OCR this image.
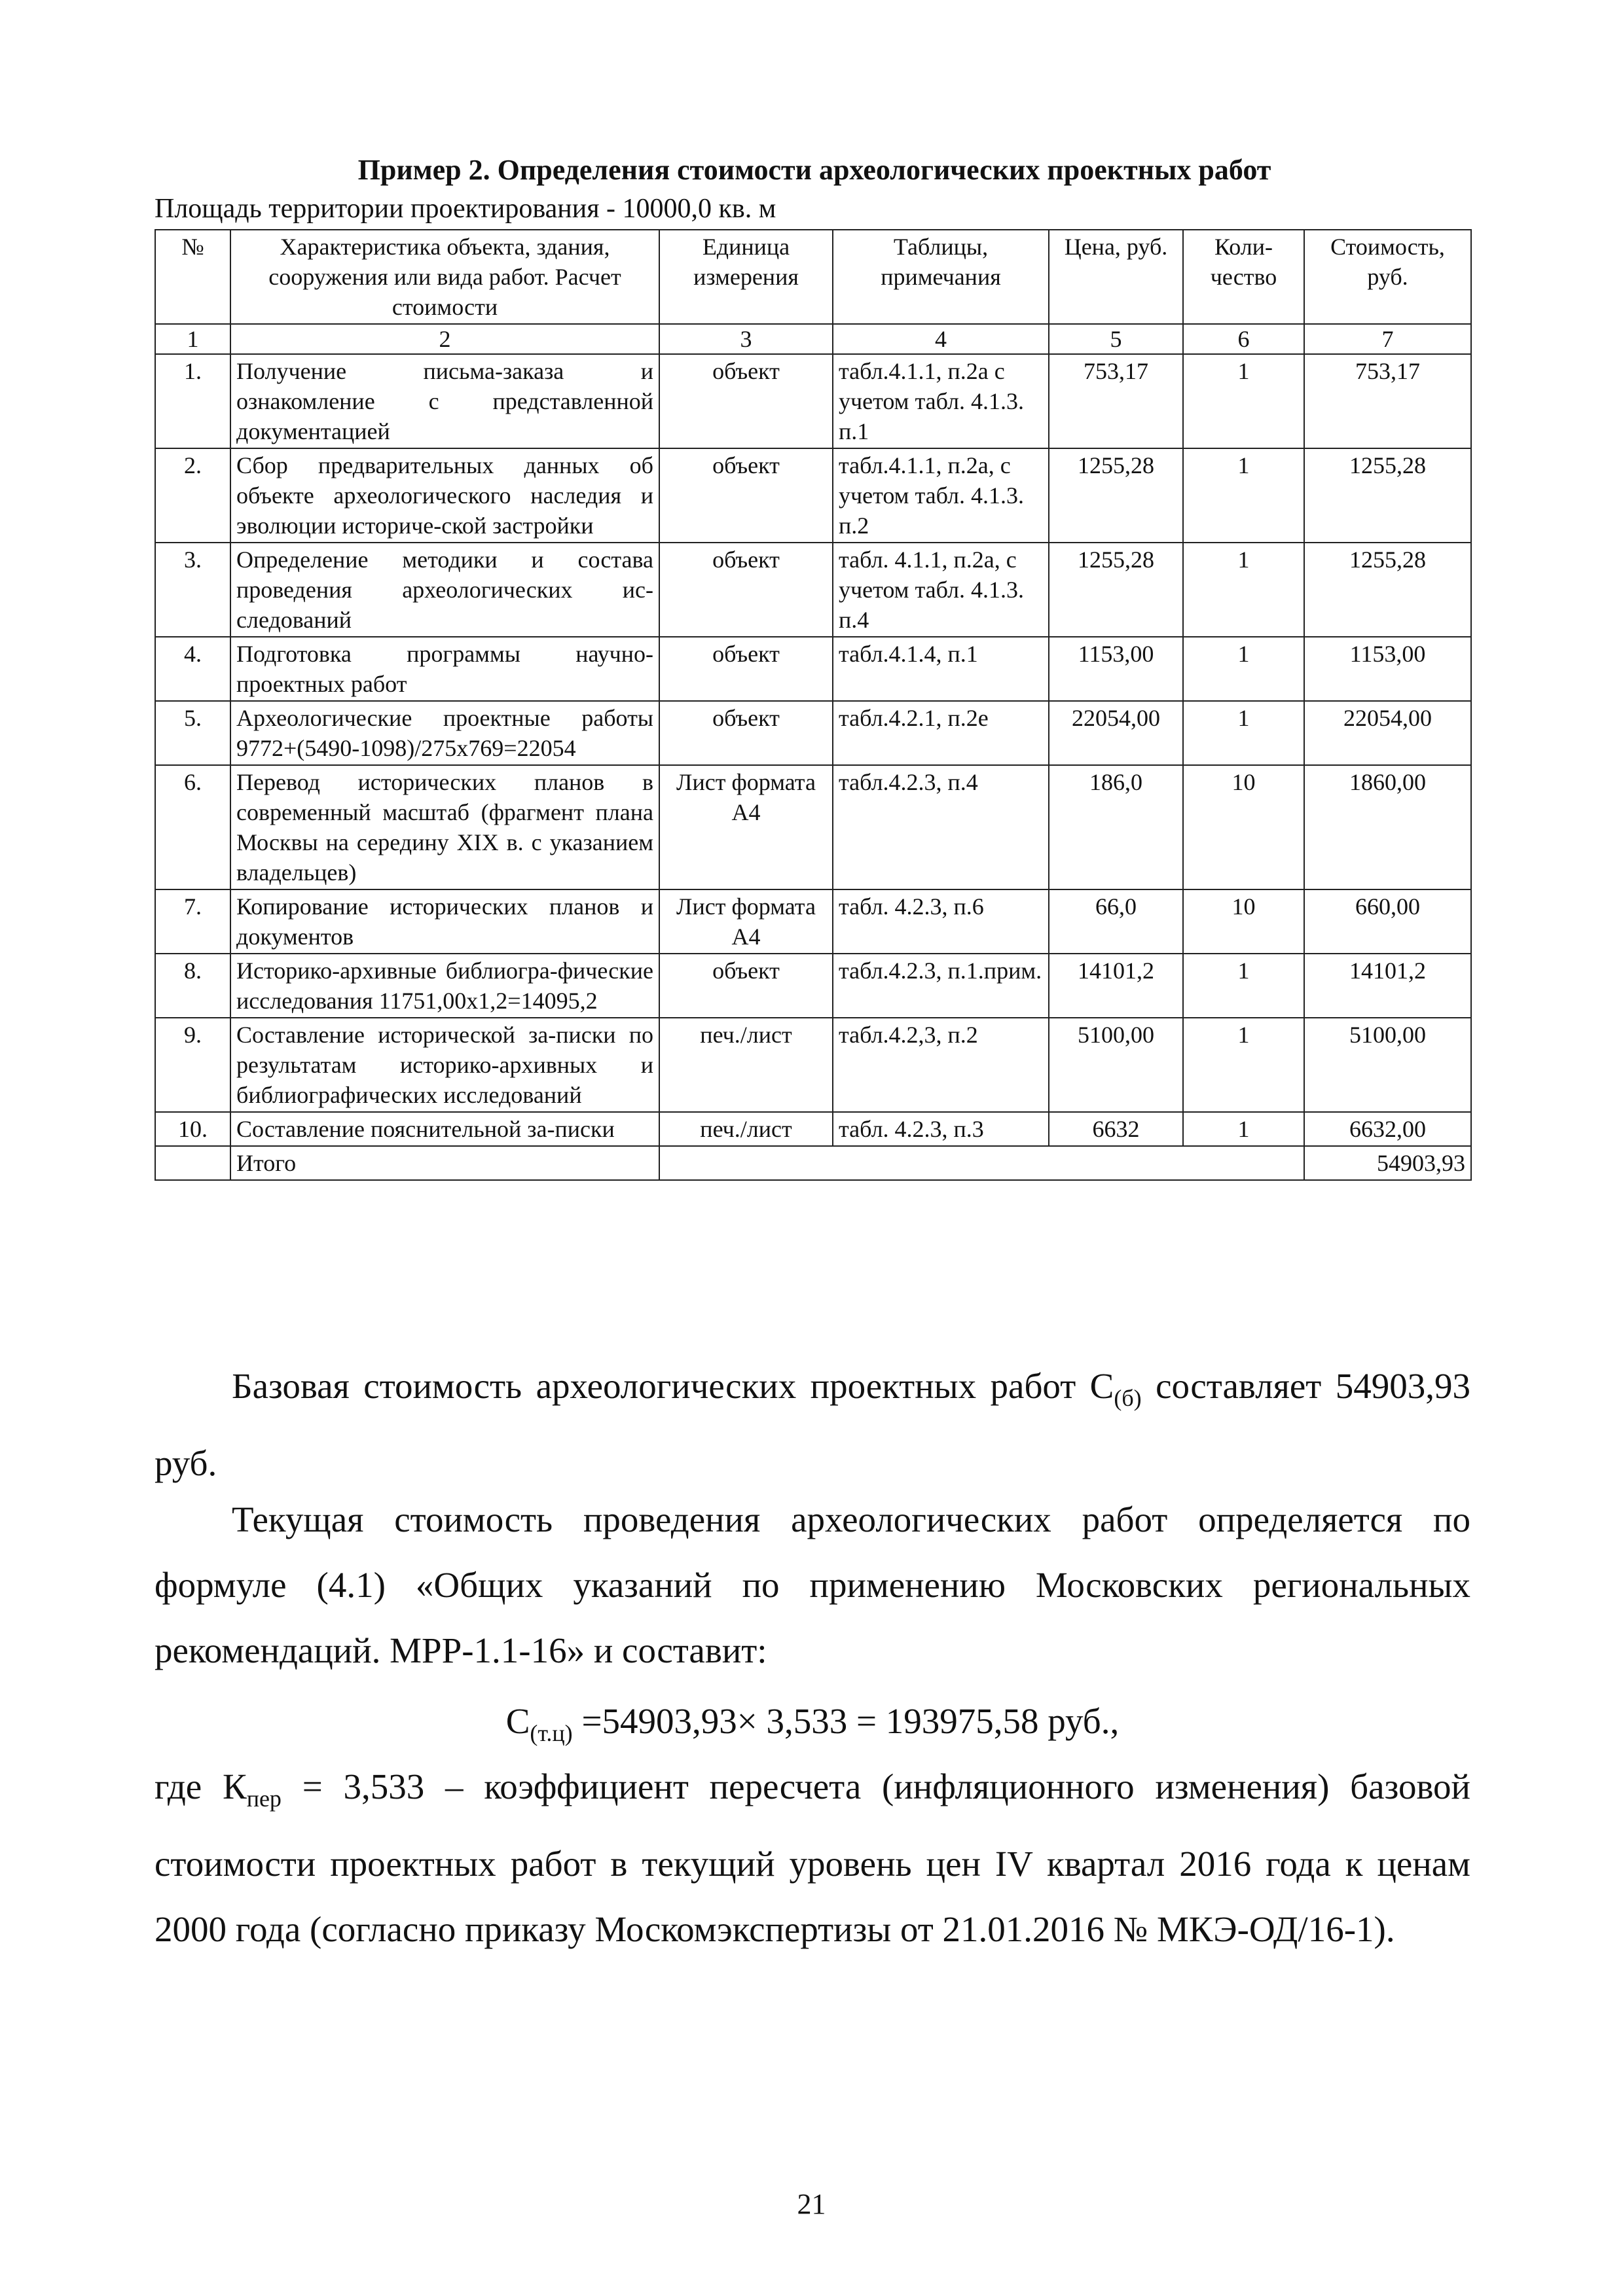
Пример 2. Определения стоимости археологических проектных работ
Площадь территории проектирования - 10000,0 кв. м
№	Характеристика объекта, здания, сооружения или вида работ. Расчет стоимости	Единица измерения	Таблицы, примечания	Цена, руб.	Коли-чество	Стоимость, руб.
1	2	3	4	5	6	7
1.	Получение письма-заказа и ознакомление с представленной документацией	объект	табл.4.1.1, п.2а с учетом табл. 4.1.3. п.1	753,17	1	753,17
2.	Сбор предварительных данных об объекте археологического наследия и эволюции историче-ской застройки	объект	табл.4.1.1, п.2а, с учетом табл. 4.1.3. п.2	1255,28	1	1255,28
3.	Определение методики и состава проведения археологических ис-следований	объект	табл. 4.1.1, п.2а, с учетом табл. 4.1.3. п.4	1255,28	1	1255,28
4.	Подготовка программы научно-проектных работ	объект	табл.4.1.4, п.1	1153,00	1	1153,00
5.	Археологические проектные работы 9772+(5490-1098)/275x769=22054	объект	табл.4.2.1, п.2е	22054,00	1	22054,00
6.	Перевод исторических планов в современный масштаб (фрагмент плана Москвы на середину XIX в. с указанием владельцев)	Лист формата А4	табл.4.2.3, п.4	186,0	10	1860,00
7.	Копирование исторических планов и документов	Лист формата А4	табл. 4.2.3, п.6	66,0	10	660,00
8.	Историко-архивные библиогра-фические исследования 11751,00х1,2=14095,2	объект	табл.4.2.3, п.1.прим.	14101,2	1	14101,2
9.	Составление исторической за-писки по результатам историко-архивных и библиографических исследований	печ./лист	табл.4.2,3, п.2	5100,00	1	5100,00
10.	Составление пояснительной за-писки	печ./лист	табл. 4.2.3, п.3	6632	1	6632,00
	Итого					54903,93
Базовая стоимость археологических проектных работ $С_{(б)}$ составляет 54903,93 руб.
Текущая стоимость проведения археологических работ определяется по формуле (4.1) «Общих указаний по применению Московских региональных рекомендаций. МРР-1.1-16» и составит:
$С_{(т.ц)} =54903,93\times 3,533 = 193975,58$ руб.,
где $К_{пер} = 3,533$ – коэффициент пересчета (инфляционного изменения) базовой стоимости проектных работ в текущий уровень цен IV квартал 2016 года к ценам 2000 года (согласно приказу Москомэкспертизы от 21.01.2016 № МКЭ-ОД/16-1).
21
